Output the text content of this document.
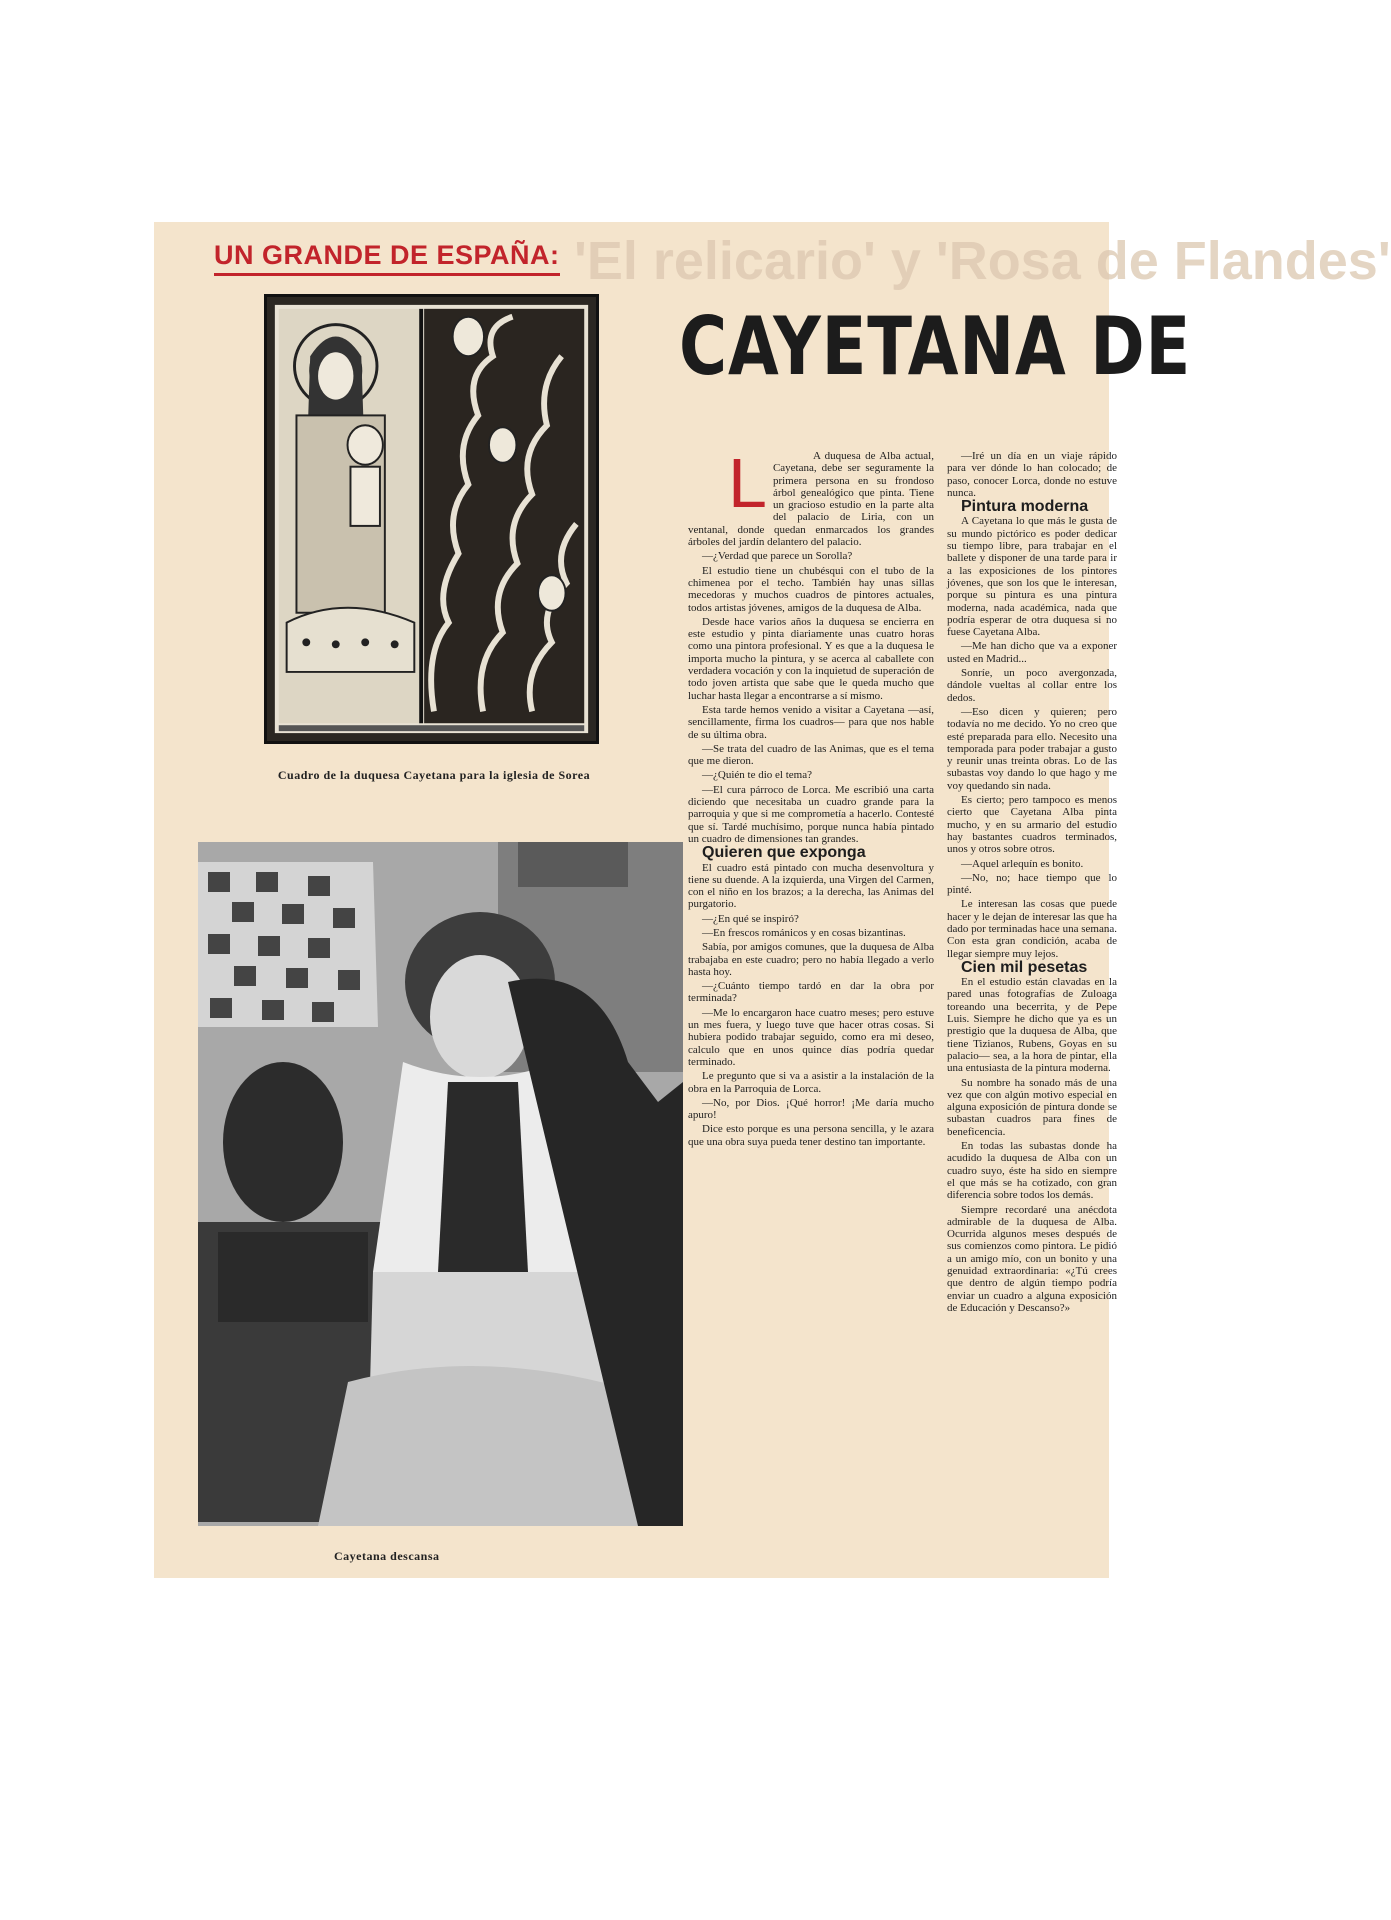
'El relicario' y 'Rosa de Flandes'
UN GRANDE DE ESPAÑA:
CAYETANA DE
Cuadro de la duquesa Cayetana para la iglesia de Sorea
Cayetana descansa

L	A duquesa de Alba actual, Cayetana, debe ser seguramente la primera persona en su frondoso árbol genealógico que pinta. Tiene un gracioso estudio en la parte alta del palacio de Liria, con un ventanal, donde quedan enmarcados los grandes árboles del jardín delantero del palacio.

—¿Verdad que parece un Sorolla?

El estudio tiene un chubésqui con el tubo de la chimenea por el techo. También hay unas sillas mecedoras y muchos cuadros de pintores actuales, todos artistas jóvenes, amigos de la duquesa de Alba.

Desde hace varios años la duquesa se encierra en este estudio y pinta diariamente unas cuatro horas como una pintora profesional. Y es que a la duquesa le importa mucho la pintura, y se acerca al caballete con verdadera vocación y con la inquietud de superación de todo joven artista que sabe que le queda mucho que luchar hasta llegar a encontrarse a sí mismo.

Esta tarde hemos venido a visitar a Cayetana —así, sencillamente, firma los cuadros— para que nos hable de su última obra.

—Se trata del cuadro de las Animas, que es el tema que me dieron.

—¿Quién te dio el tema?

—El cura párroco de Lorca. Me escribió una carta diciendo que necesitaba un cuadro grande para la parroquia y que si me comprometía a hacerlo. Contesté que sí. Tardé muchísimo, porque nunca había pintado un cuadro de dimensiones tan grandes.

Quieren que exponga

El cuadro está pintado con mucha desenvoltura y tiene su duende. A la izquierda, una Virgen del Carmen, con el niño en los brazos; a la derecha, las Animas del purgatorio.

—¿En qué se inspiró?

—En frescos románicos y en cosas bizantinas.

Sabía, por amigos comunes, que la duquesa de Alba trabajaba en este cuadro; pero no había llegado a verlo hasta hoy.

—¿Cuánto tiempo tardó en dar la obra por terminada?

—Me lo encargaron hace cuatro meses; pero estuve un mes fuera, y luego tuve que hacer otras cosas. Si hubiera podido trabajar seguido, como era mi deseo, calculo que en unos quince días podría quedar terminado.

Le pregunto que si va a asistir a la instalación de la obra en la Parroquia de Lorca.

—No, por Dios. ¡Qué horror! ¡Me daría mucho apuro!

Dice esto porque es una persona sencilla, y le azara que una obra suya pueda tener destino tan importante.

—Iré un día en un viaje rápido para ver dónde lo han colocado; de paso, conocer Lorca, donde no estuve nunca.

Pintura moderna

A Cayetana lo que más le gusta de su mundo pictórico es poder dedicar su tiempo libre, para trabajar en el ballete y disponer de una tarde para ir a las exposiciones de los pintores jóvenes, que son los que le interesan, porque su pintura es una pintura moderna, nada académica, nada que podría esperar de otra duquesa si no fuese Cayetana Alba.

—Me han dicho que va a exponer usted en Madrid...

Sonríe, un poco avergonzada, dándole vueltas al collar entre los dedos.

—Eso dicen y quieren; pero todavía no me decido. Yo no creo que esté preparada para ello. Necesito una temporada para poder trabajar a gusto y reunir unas treinta obras. Lo de las subastas voy dando lo que hago y me voy quedando sin nada.

Es cierto; pero tampoco es menos cierto que Cayetana Alba pinta mucho, y en su armario del estudio hay bastantes cuadros terminados, unos y otros sobre otros.

—Aquel arlequín es bonito.

—No, no; hace tiempo que lo pinté.

Le interesan las cosas que puede hacer y le dejan de interesar las que ha dado por terminadas hace una semana. Con esta gran condición, acaba de llegar siempre muy lejos.

Cien mil pesetas

En el estudio están clavadas en la pared unas fotografías de Zuloaga toreando una becerrita, y de Pepe Luis. Siempre he dicho que ya es un prestigio que la duquesa de Alba, que tiene Tizianos, Rubens, Goyas en su palacio— sea, a la hora de pintar, ella una entusiasta de la pintura moderna.

Su nombre ha sonado más de una vez que con algún motivo especial en alguna exposición de pintura donde se subastan cuadros para fines de beneficencia.

En todas las subastas donde ha acudido la duquesa de Alba con un cuadro suyo, éste ha sido en siempre el que más se ha cotizado, con gran diferencia sobre todos los demás.

Siempre recordaré una anécdota admirable de la duquesa de Alba. Ocurrida algunos meses después de sus comienzos como pintora. Le pidió a un amigo mío, con un bonito y una genuidad extraordinaria: «¿Tú crees que dentro de algún tiempo podría enviar un cuadro a alguna exposición de Educación y Descanso?»
